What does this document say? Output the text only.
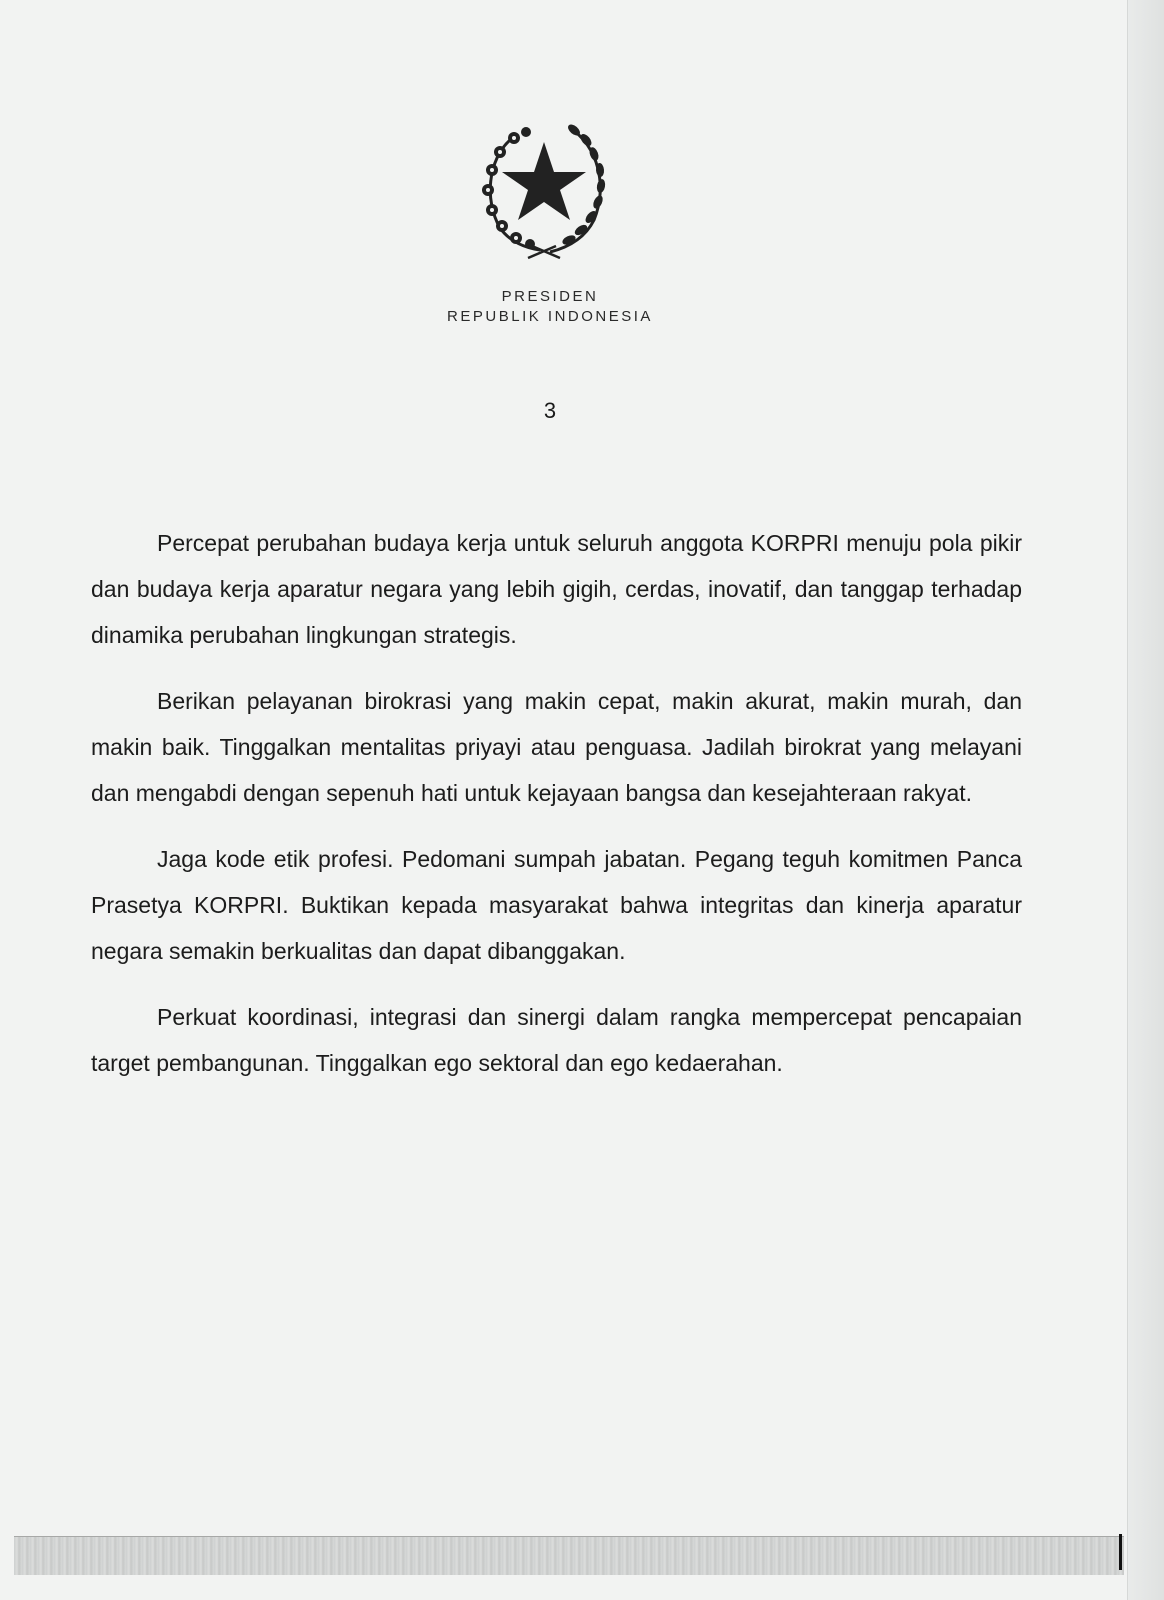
PRESIDEN
REPUBLIK INDONESIA
3

Percepat perubahan budaya kerja untuk seluruh anggota KORPRI menuju pola pikir dan budaya kerja aparatur negara yang lebih gigih, cerdas, inovatif, dan tanggap terhadap dinamika perubahan lingkungan strategis.

Berikan pelayanan birokrasi yang makin cepat, makin akurat, makin murah, dan makin baik. Tinggalkan mentalitas priyayi atau penguasa. Jadilah birokrat yang melayani dan mengabdi dengan sepenuh hati untuk kejayaan bangsa dan kesejahteraan rakyat.

Jaga kode etik profesi. Pedomani sumpah jabatan. Pegang teguh komitmen Panca Prasetya KORPRI. Buktikan kepada masyarakat bahwa integritas dan kinerja aparatur negara semakin berkualitas dan dapat dibanggakan.

Perkuat koordinasi, integrasi dan sinergi dalam rangka mempercepat pencapaian target pembangunan. Tinggalkan ego sektoral dan ego kedaerahan.
